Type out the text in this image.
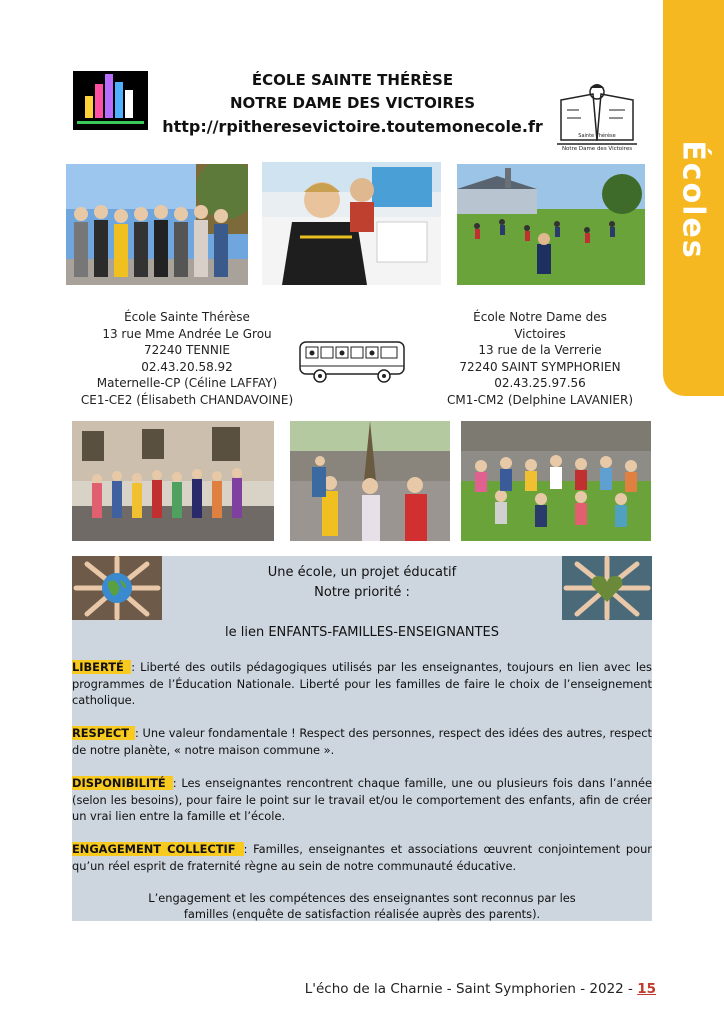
Écoles
ÉCOLE SAINTE THÉRÈSE
NOTRE DAME DES VICTOIRES
http://rpitheresevictoire.toutemonecole.fr
Notre Dame des Victoires
Sainte Thérèse
École Sainte Thérèse
13 rue Mme Andrée Le Grou
72240 TENNIE
02.43.20.58.92
Maternelle-CP (Céline LAFFAY)
CE1-CE2 (Élisabeth CHANDAVOINE)
École Notre Dame des
Victoires
13 rue de la Verrerie
72240 SAINT SYMPHORIEN
02.43.25.97.56
CM1-CM2 (Delphine LAVANIER)
Une école, un projet éducatif
Notre priorité :
le lien ENFANTS-FAMILLES-ENSEIGNANTES
LIBERTÉ : Liberté des outils pédagogiques utilisés par les enseignantes, toujours en lien avec les programmes de l’Éducation Nationale. Liberté pour les familles de faire le choix de l’enseignement catholique.
RESPECT : Une valeur fondamentale ! Respect des personnes, respect des idées des autres, respect de notre planète, « notre maison commune ».
DISPONIBILITÉ : Les enseignantes rencontrent chaque famille, une ou plusieurs fois dans l’année (selon les besoins), pour faire le point sur le travail et/ou le comportement des enfants, afin de créer un vrai lien entre la famille et l’école.
ENGAGEMENT COLLECTIF : Familles, enseignantes et associations œuvrent conjointement pour qu’un réel esprit de fraternité règne au sein de notre communauté éducative.
L’engagement et les compétences des enseignantes sont reconnus par les familles (enquête de satisfaction réalisée auprès des parents).
L'écho de la Charnie - Saint Symphorien - 2022 - 15
